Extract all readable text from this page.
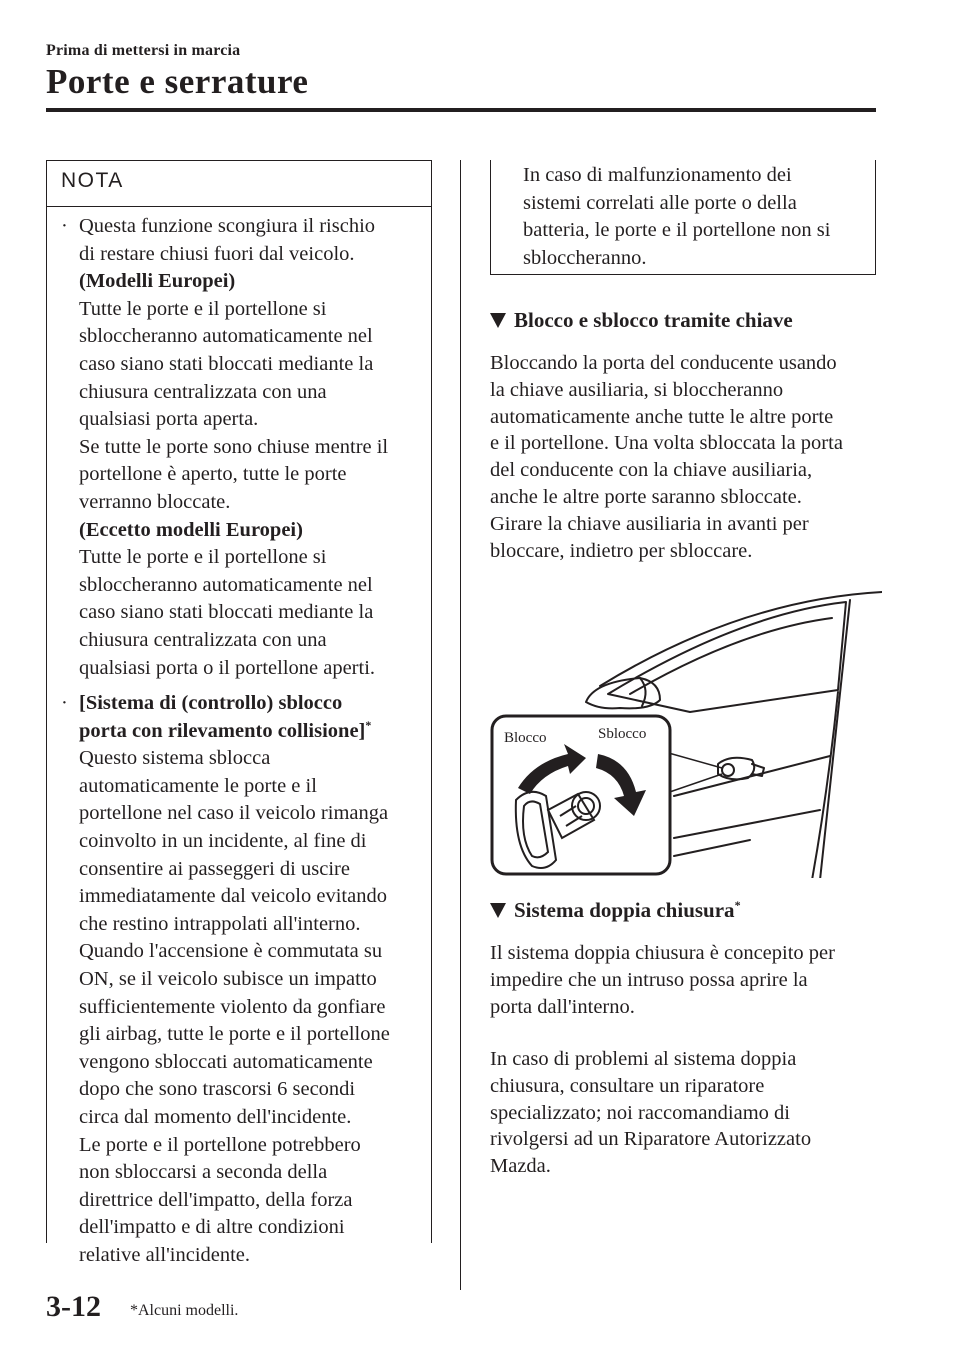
Prima di mettersi in marcia
Porte e serrature
NOTA
· Questa funzione scongiura il rischio
di restare chiusi fuori dal veicolo.
(Modelli Europei)
Tutte le porte e il portellone si
sbloccheranno automaticamente nel
caso siano stati bloccati mediante la
chiusura centralizzata con una
qualsiasi porta aperta.
Se tutte le porte sono chiuse mentre il
portellone è aperto, tutte le porte
verranno bloccate.
(Eccetto modelli Europei)
Tutte le porte e il portellone si
sbloccheranno automaticamente nel
caso siano stati bloccati mediante la
chiusura centralizzata con una
qualsiasi porta o il portellone aperti.
· [Sistema di (controllo) sblocco
porta con rilevamento collisione]*
Questo sistema sblocca
automaticamente le porte e il
portellone nel caso il veicolo rimanga
coinvolto in un incidente, al fine di
consentire ai passeggeri di uscire
immediatamente dal veicolo evitando
che restino intrappolati all'interno.
Quando l'accensione è commutata su
ON, se il veicolo subisce un impatto
sufficientemente violento da gonfiare
gli airbag, tutte le porte e il portellone
vengono sbloccati automaticamente
dopo che sono trascorsi 6 secondi
circa dal momento dell'incidente.
Le porte e il portellone potrebbero
non sbloccarsi a seconda della
direttrice dell'impatto, della forza
dell'impatto e di altre condizioni
relative all'incidente.
In caso di malfunzionamento dei
sistemi correlati alle porte o della
batteria, le porte e il portellone non si
sbloccheranno.
Blocco e sblocco tramite chiave
Bloccando la porta del conducente usando
la chiave ausiliaria, si bloccheranno
automaticamente anche tutte le altre porte
e il portellone. Una volta sbloccata la porta
del conducente con la chiave ausiliaria,
anche le altre porte saranno sbloccate.
Girare la chiave ausiliaria in avanti per
bloccare, indietro per sbloccare.
Blocco	Sblocco
Sistema doppia chiusura*
Il sistema doppia chiusura è concepito per
impedire che un intruso possa aprire la
porta dall'interno.
In caso di problemi al sistema doppia
chiusura, consultare un riparatore
specializzato; noi raccomandiamo di
rivolgersi ad un Riparatore Autorizzato
Mazda.
3-12 *Alcuni modelli.
